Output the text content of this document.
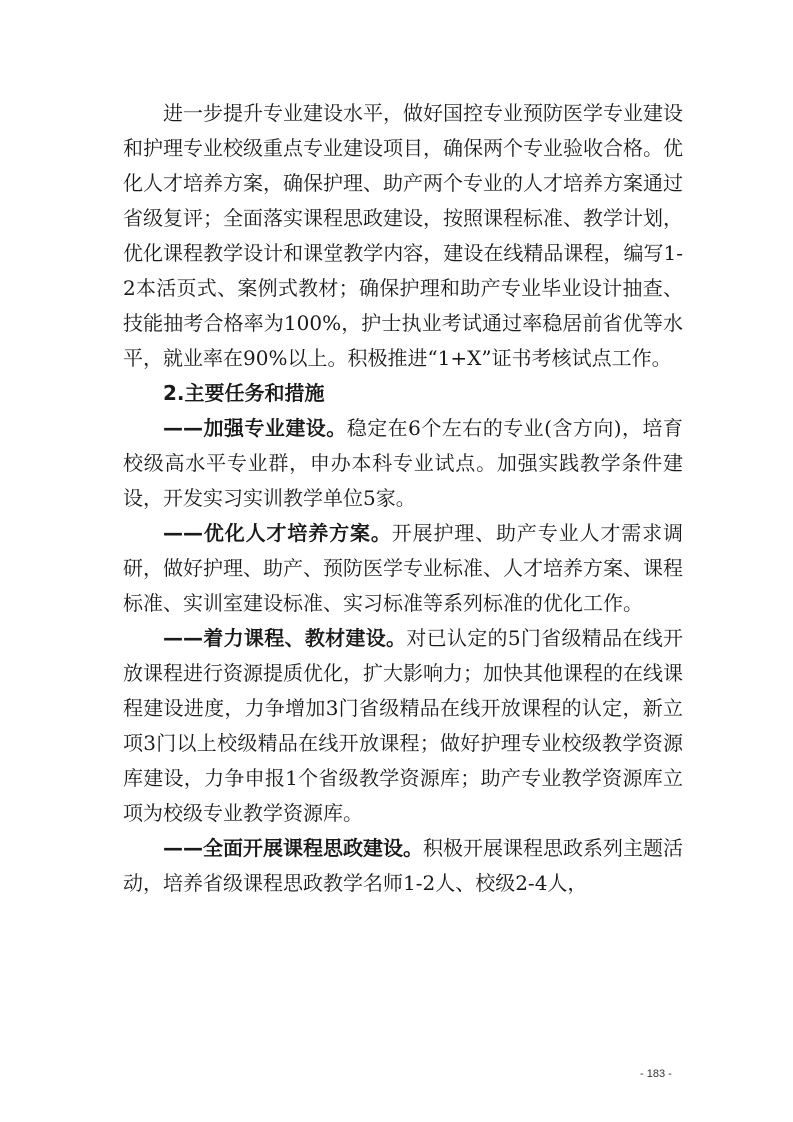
进一步提升专业建设水平，做好国控专业预防医学专业建设和护理专业校级重点专业建设项目，确保两个专业验收合格。优化人才培养方案，确保护理、助产两个专业的人才培养方案通过省级复评；全面落实课程思政建设，按照课程标准、教学计划，优化课程教学设计和课堂教学内容，建设在线精品课程，编写1-2本活页式、案例式教材；确保护理和助产专业毕业设计抽查、技能抽考合格率为100%，护士执业考试通过率稳居前省优等水平，就业率在90%以上。积极推进“1+X”证书考核试点工作。

2.主要任务和措施

——加强专业建设。稳定在6个左右的专业(含方向)，培育校级高水平专业群，申办本科专业试点。加强实践教学条件建设，开发实习实训教学单位5家。

——优化人才培养方案。开展护理、助产专业人才需求调研，做好护理、助产、预防医学专业标准、人才培养方案、课程标准、实训室建设标准、实习标准等系列标准的优化工作。

——着力课程、教材建设。对已认定的5门省级精品在线开放课程进行资源提质优化，扩大影响力；加快其他课程的在线课程建设进度，力争增加3门省级精品在线开放课程的认定，新立项3门以上校级精品在线开放课程；做好护理专业校级教学资源库建设，力争申报1个省级教学资源库；助产专业教学资源库立项为校级专业教学资源库。

——全面开展课程思政建设。积极开展课程思政系列主题活动，培养省级课程思政教学名师1-2人、校级2-4人，

- 183 -
